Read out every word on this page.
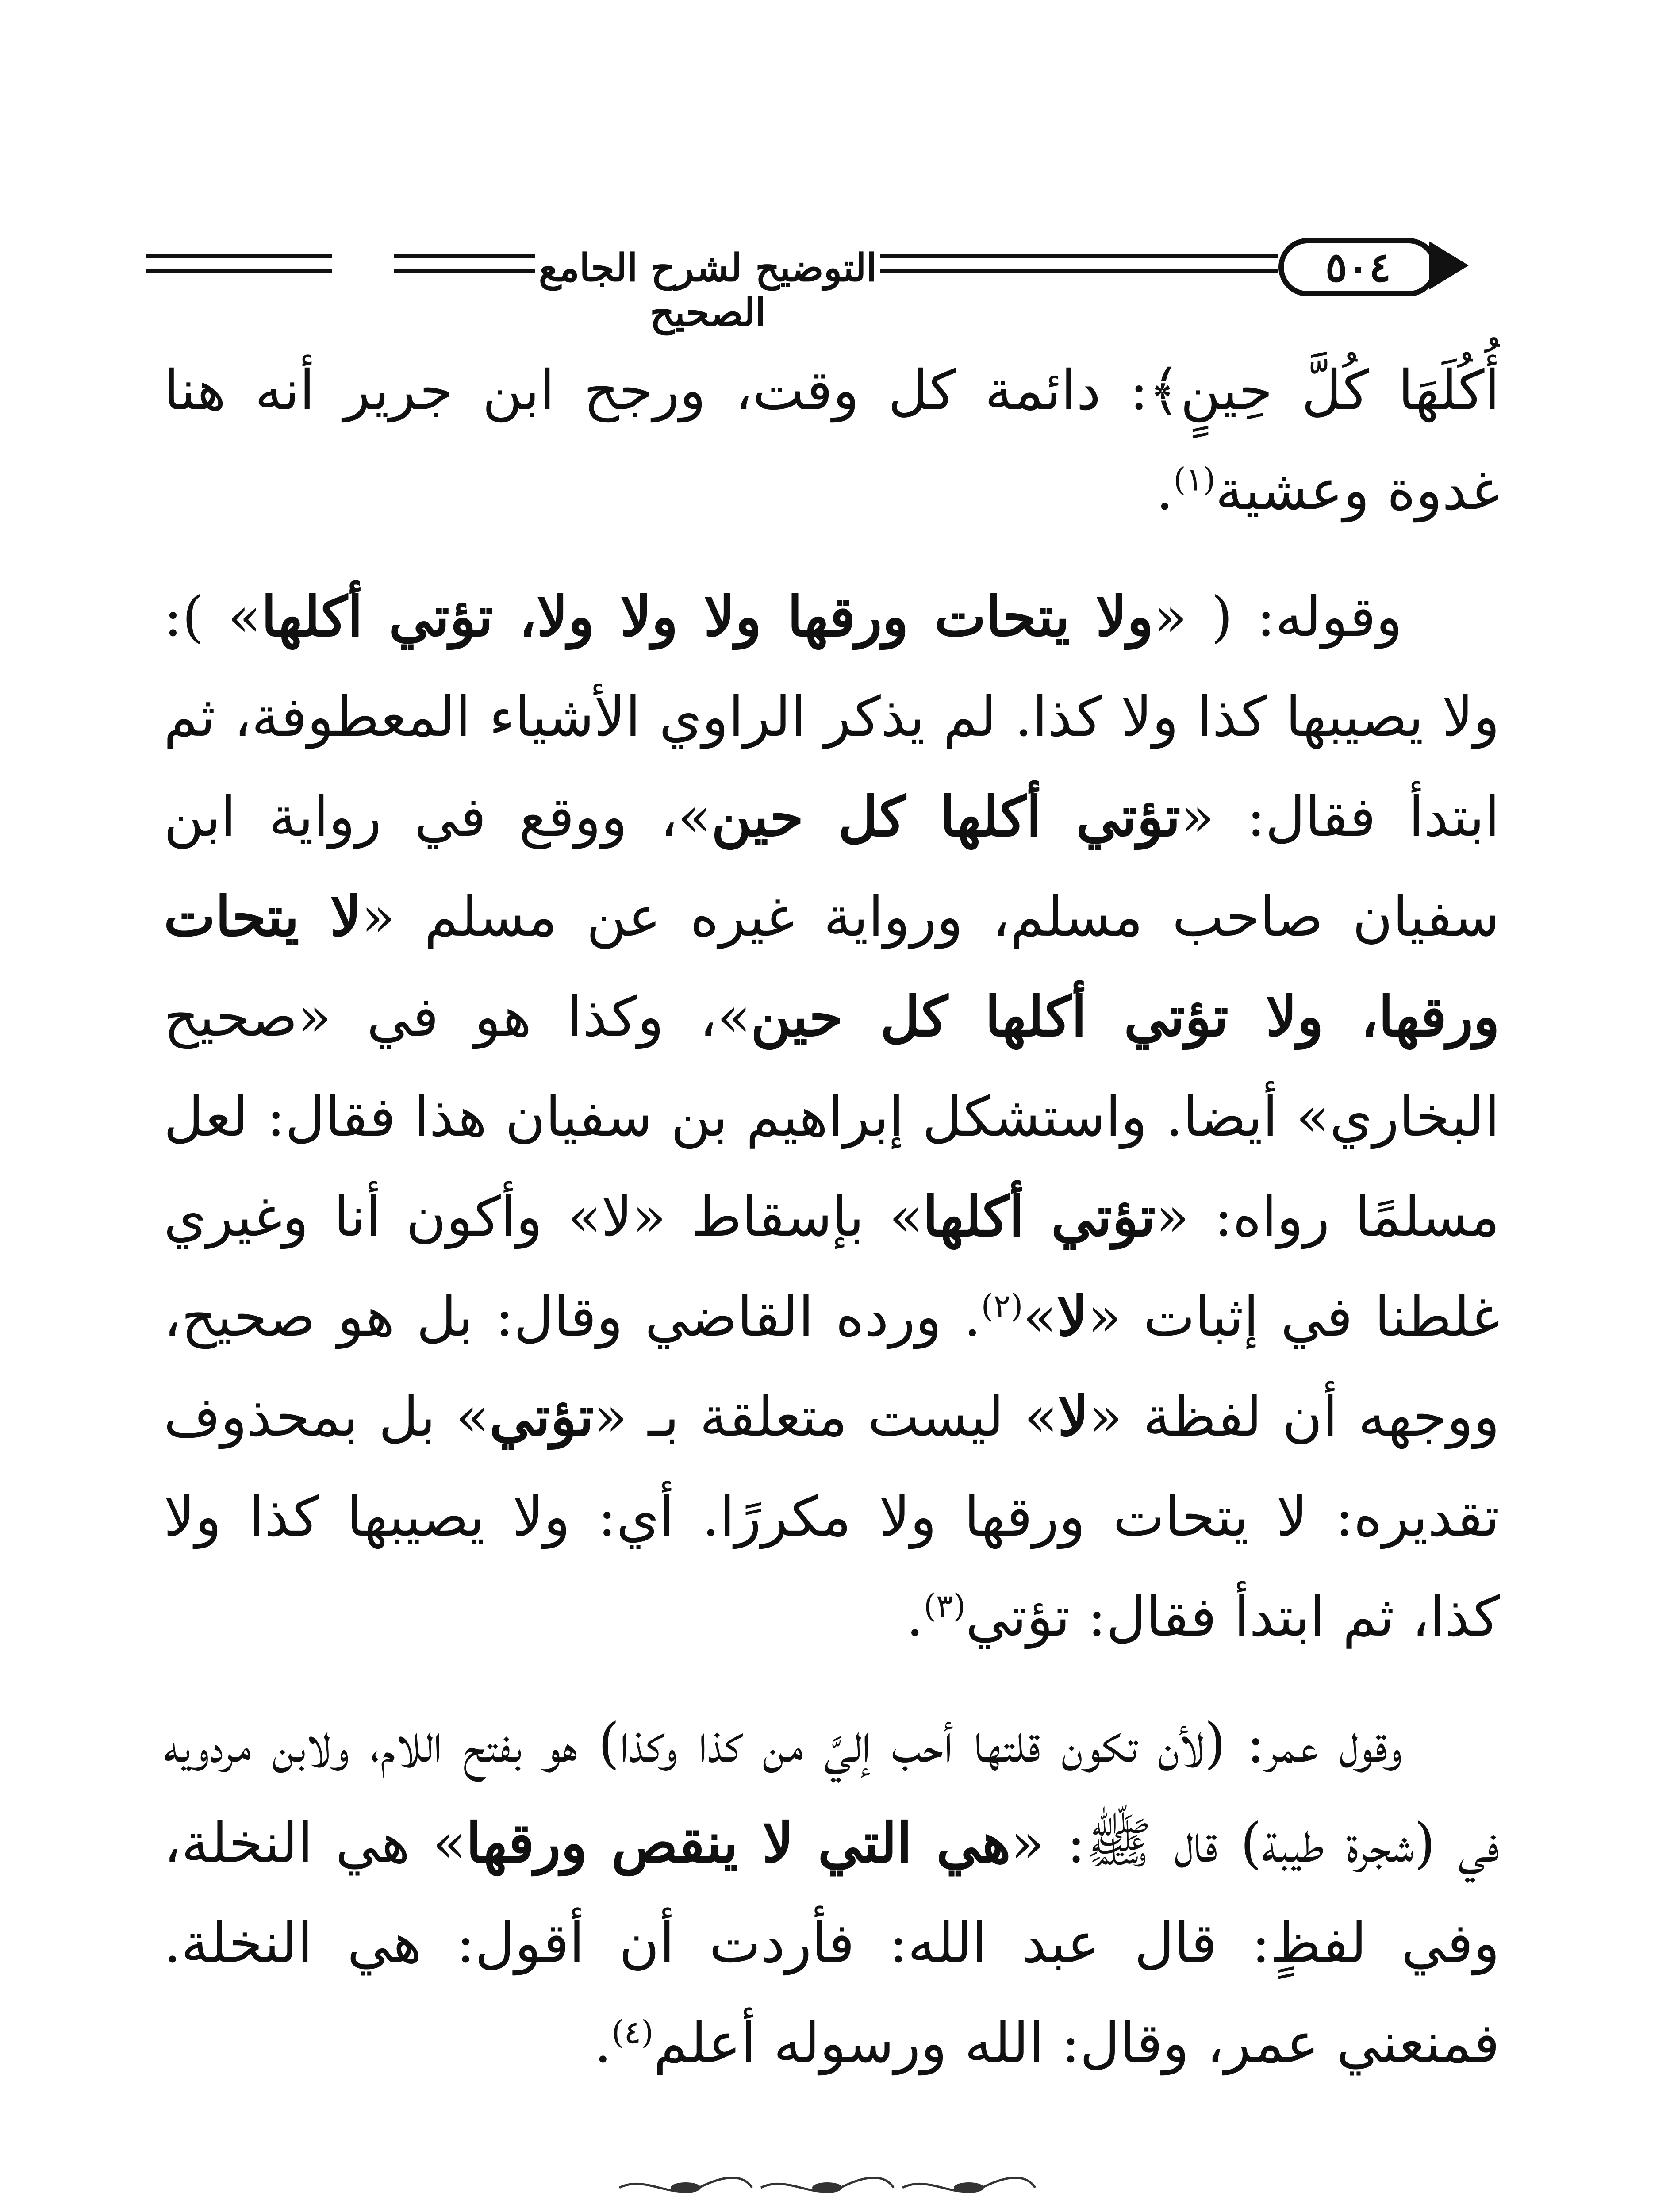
التوضيح لشرح الجامع الصحيح
٥٠٤

أُكُلَهَا كُلَّ حِينٍ﴾: دائمة كل وقت، ورجح ابن جرير أنه هنا غدوة وعشية$^{(١)}$.

وقوله: ( «ولا يتحات ورقها ولا ولا ولا، تؤتي أكلها» ): ولا يصيبها كذا ولا كذا. لم يذكر الراوي الأشياء المعطوفة، ثم ابتدأ فقال: «تؤتي أكلها كل حين»، ووقع في رواية ابن سفيان صاحب مسلم، ورواية غيره عن مسلم «لا يتحات ورقها، ولا تؤتي أكلها كل حين»، وكذا هو في «صحيح البخاري» أيضا. واستشكل إبراهيم بن سفيان هذا فقال: لعل مسلمًا رواه: «تؤتي أكلها» بإسقاط «لا» وأكون أنا وغيري غلطنا في إثبات «لا»$^{(٢)}$. ورده القاضي وقال: بل هو صحيح، ووجهه أن لفظة «لا» ليست متعلقة بـ «تؤتي» بل بمحذوف تقديره: لا يتحات ورقها ولا مكررًا. أي: ولا يصيبها كذا ولا كذا، ثم ابتدأ فقال: تؤتي$^{(٣)}$.

وقول عمر: (لأن تكون قلتها أحب إليَّ من كذا وكذا) هو بفتح اللام، ولابن مردويه في (شجرة طيبة) قال ﷺ: «هي التي لا ينقص ورقها» هي النخلة، وفي لفظٍ: قال عبد الله: فأردت أن أقول: هي النخلة. فمنعني عمر، وقال: الله ورسوله أعلم$^{(٤)}$.
